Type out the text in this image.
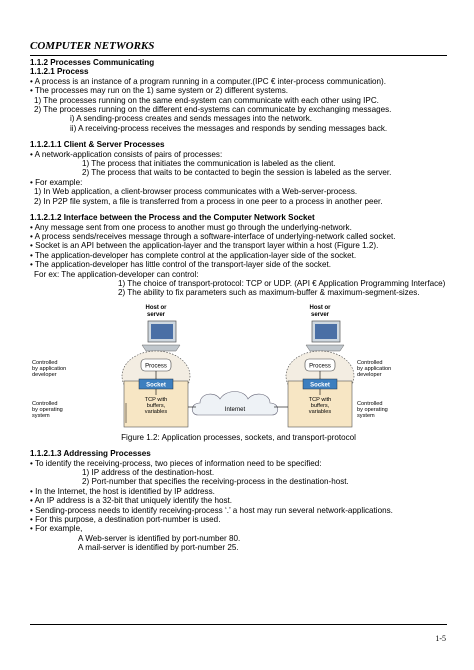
COMPUTER NETWORKS
1.1.2 Processes Communicating
1.1.2.1 Process
• A process is an instance of a program running in a computer.(IPC € inter-process communication).
• The processes may run on the 1) same system or 2) different systems.
1) The processes running on the same end-system can communicate with each other using IPC.
2) The processes running on the different end-systems can communicate by exchanging messages.
i) A sending-process creates and sends messages into the network.
ii) A receiving-process receives the messages and responds by sending messages back.
1.1.2.1.1 Client & Server Processes
• A network-application consists of pairs of processes:
1) The process that initiates the communication is labeled as the client.
2) The process that waits to be contacted to begin the session is labeled as the server.
• For example:
1) In Web application, a client-browser process communicates with a Web-server-process.
2) In P2P file system, a file is transferred from a process in one peer to a process in another peer.
1.1.2.1.2 Interface between the Process and the Computer Network Socket
• Any message sent from one process to another must go through the underlying-network.
• A process sends/receives message through a software-interface of underlying-network called socket.
• Socket is an API between the application-layer and the transport layer within a host (Figure 1.2).
• The application-developer has complete control at the application-layer side of the socket.
• The application-developer has little control of the transport-layer side of the socket.
For ex: The application-developer can control:
1) The choice of transport-protocol: TCP or UDP. (API € Application Programming Interface)
2) The ability to fix parameters such as maximum-buffer & maximum-segment-sizes.
Host or
server
Process
Socket
TCP with
buffers,
variables
Controlled
by application
developer
Controlled
by operating
system
Host or
server
Process
Socket
TCP with
buffers,
variables
Controlled
by application
developer
Controlled
by operating
system
Internet
Figure 1.2: Application processes, sockets, and transport-protocol
1.1.2.1.3 Addressing Processes
• To identify the receiving-process, two pieces of information need to be specified:
1) IP address of the destination-host.
2) Port-number that specifies the receiving-process in the destination-host.
• In the Internet, the host is identified by IP address.
• An IP address is a 32-bit that uniquely identify the host.
• Sending-process needs to identify receiving-process ‘.’ a host may run several network-applications.
• For this purpose, a destination port-number is used.
• For example,
A Web-server is identified by port-number 80.
A mail-server is identified by port-number 25.
1-5
